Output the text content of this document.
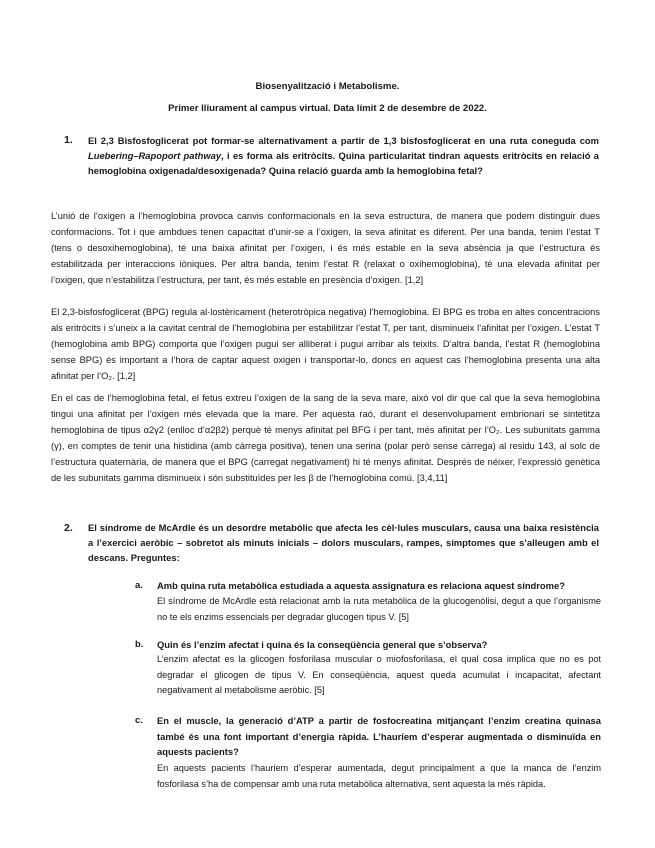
Biosenyalització i Metabolisme.
Primer lliurament al campus virtual. Data límit 2 de desembre de 2022.
1. El 2,3 Bisfosfoglicerat pot formar-se alternativament a partir de 1,3 bisfosfoglicerat en una ruta coneguda com Luebering–Rapoport pathway, i es forma als eritròcits. Quina particularitat tindran aquests eritròcits en relació a hemoglobina oxigenada/desoxigenada? Quina relació guarda amb la hemoglobina fetal?

L’unió de l’oxigen a l’hemoglobina provoca canvis conformacionals en la seva estructura, de manera que podem distinguir dues conformacions. Tot i que ambdues tenen capacitat d’unir-se a l’oxigen, la seva afinitat es diferent. Per una banda, tenim l’estat T (tens o desoxihemoglobina), té una baixa afinitat per l’oxigen, i és més estable en la seva absència ja que l’estructura és estabilitzada per interaccions iòniques. Per altra banda, tenim l’estat R (relaxat o oxihemoglobina), té una elevada afinitat per l’oxigen, que n’estabilitza l’estructura, per tant, és més estable en presència d’oxigen. [1,2]

El 2,3-bisfosfoglicerat (BPG) regula al·lostèricament (heterotròpica negativa) l’hemoglobina. El BPG es troba en altes concentracions als eritròcits i s’uneix a la cavitat central de l’hemoglobina per estabilitzar l’estat T, per tant, disminueix l’afinitat per l’oxigen. L’estat T (hemoglobina amb BPG) comporta que l’oxigen pugui ser alliberat i pugui arribar als teixits. D’altra banda, l’estat R (hemoglobina sense BPG) és important a l’hora de captar aquest oxigen i transportar-lo, doncs en aquest cas l’hemoglobina presenta una alta afinitat per l’O₂. [1,2]

En el cas de l’hemoglobina fetal, el fetus extreu l’oxigen de la sang de la seva mare, això vol dir que cal que la seva hemoglobina tingui una afinitat per l’oxigen més elevada que la mare. Per aquesta raó, durant el desenvolupament embrionari se sintetitza hemoglobina de tipus α2γ2 (enlloc d’α2β2) perquè té menys afinitat pel BFG i per tant, més afinitat per l’O₂. Les subunitats gamma (γ), en comptes de tenir una histidina (amb càrrega positiva), tenen una serina (polar però sense càrrega) al residu 143, al solc de l’estructura quaternària, de manera que el BPG (carregat negativament) hi té menys afinitat. Després de néixer, l’expressió genètica de les subunitats gamma disminueix i són substituïdes per les β de l’hemoglobina comú. [3,4,11]

2. El síndrome de McArdle és un desordre metabòlic que afecta les cèl·lules musculars, causa una baixa resistència a l’exercici aeròbic – sobretot als minuts inicials – dolors musculars, rampes, símptomes que s’alleugen amb el descans. Preguntes:

a. Amb quina ruta metabòlica estudiada a aquesta assignatura es relaciona aquest síndrome?

El síndrome de McArdle està relacionat amb la ruta metabòlica de la glucogenòlisi, degut a que l’organisme no te els enzims essencials per degradar glucogen tipus V. [5]

b. Quin és l’enzim afectat i quina és la conseqüència general que s’observa?

L’enzim afectat es la glicogen fosforilasa muscular o miofosforilasa, el qual cosa implica que no es pot degradar el glicogen de tipus V. En conseqüència, aquest queda acumulat i incapacitat, afectant negativament al metabolisme aeròbic. [5]

c. En el muscle, la generació d’ATP a partir de fosfocreatina mitjançant l’enzim creatina quinasa també és una font important d’energia ràpida. L’hauríem d’esperar augmentada o disminuïda en aquests pacients?

En aquests pacients l’hauriem d’esperar aumentada, degut principalment a que la manca de l’enzim fosforilasa s’ha de compensar amb una ruta metabòlica alternativa, sent aquesta la més ràpida.
